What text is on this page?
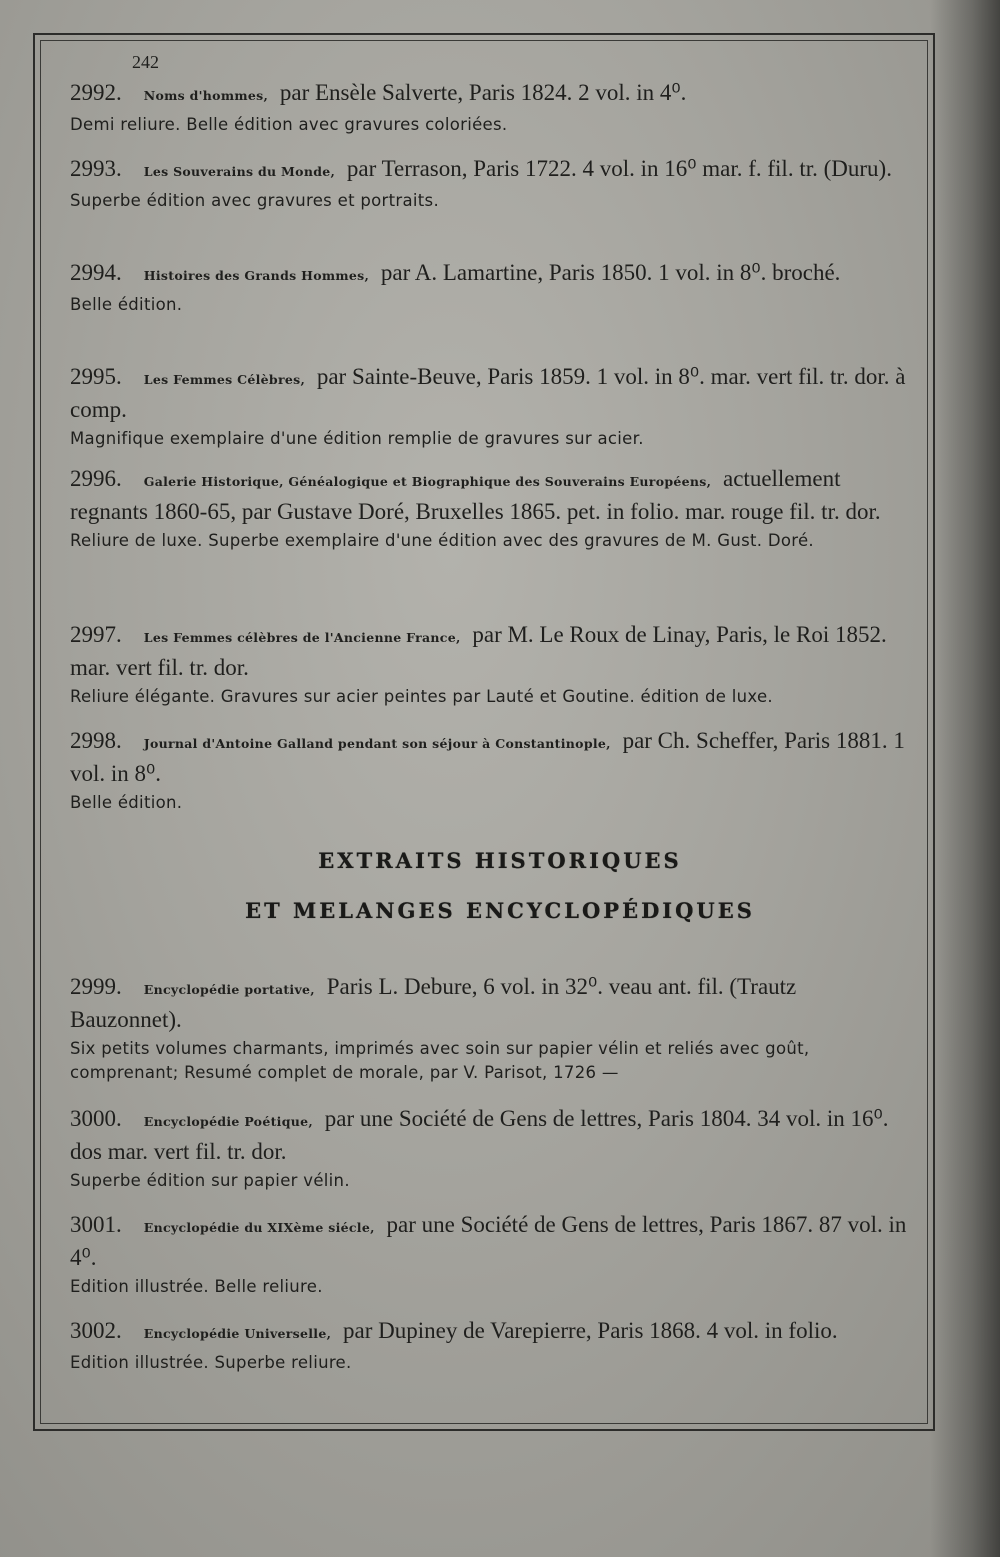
242

2992. Noms d'hommes, par Ensèle Salverte, Paris 1824. 2 vol. in 4⁰.

Demi reliure. Belle édition avec gravures coloriées.

2993. Les Souverains du Monde, par Terrason, Paris 1722. 4 vol. in 16⁰ mar. f. fil. tr. (Duru).

Superbe édition avec gravures et portraits.

2994. Histoires des Grands Hommes, par A. Lamartine, Paris 1850. 1 vol. in 8⁰. broché.

Belle édition.

2995. Les Femmes Célèbres, par Sainte-Beuve, Paris 1859. 1 vol. in 8⁰. mar. vert fil. tr. dor. à comp.

Magnifique exemplaire d'une édition remplie de gravures sur acier.

2996. Galerie Historique, Généalogique et Biographique des Souverains Européens, actuellement regnants 1860-65, par Gustave Doré, Bruxelles 1865. pet. in folio. mar. rouge fil. tr. dor.

Reliure de luxe. Superbe exemplaire d'une édition avec des gravures de M. Gust. Doré.

2997. Les Femmes célèbres de l'Ancienne France, par M. Le Roux de Linay, Paris, le Roi 1852. mar. vert fil. tr. dor.

Reliure élégante. Gravures sur acier peintes par Lauté et Goutine. édition de luxe.

2998. Journal d'Antoine Galland pendant son séjour à Constantinople, par Ch. Scheffer, Paris 1881. 1 vol. in 8⁰.

Belle édition.

EXTRAITS HISTORIQUES
ET MELANGES ENCYCLOPÉDIQUES

2999. Encyclopédie portative, Paris L. Debure, 6 vol. in 32⁰. veau ant. fil. (Trautz Bauzonnet).

Six petits volumes charmants, imprimés avec soin sur papier vélin et reliés avec goût, comprenant; Resumé complet de morale, par V. Parisot, 1726 —

3000. Encyclopédie Poétique, par une Société de Gens de lettres, Paris 1804. 34 vol. in 16⁰. dos mar. vert fil. tr. dor.

Superbe édition sur papier vélin.

3001. Encyclopédie du XIXème siécle, par une Société de Gens de lettres, Paris 1867. 87 vol. in 4⁰.

Edition illustrée. Belle reliure.

3002. Encyclopédie Universelle, par Dupiney de Varepierre, Paris 1868. 4 vol. in folio.

Edition illustrée. Superbe reliure.
